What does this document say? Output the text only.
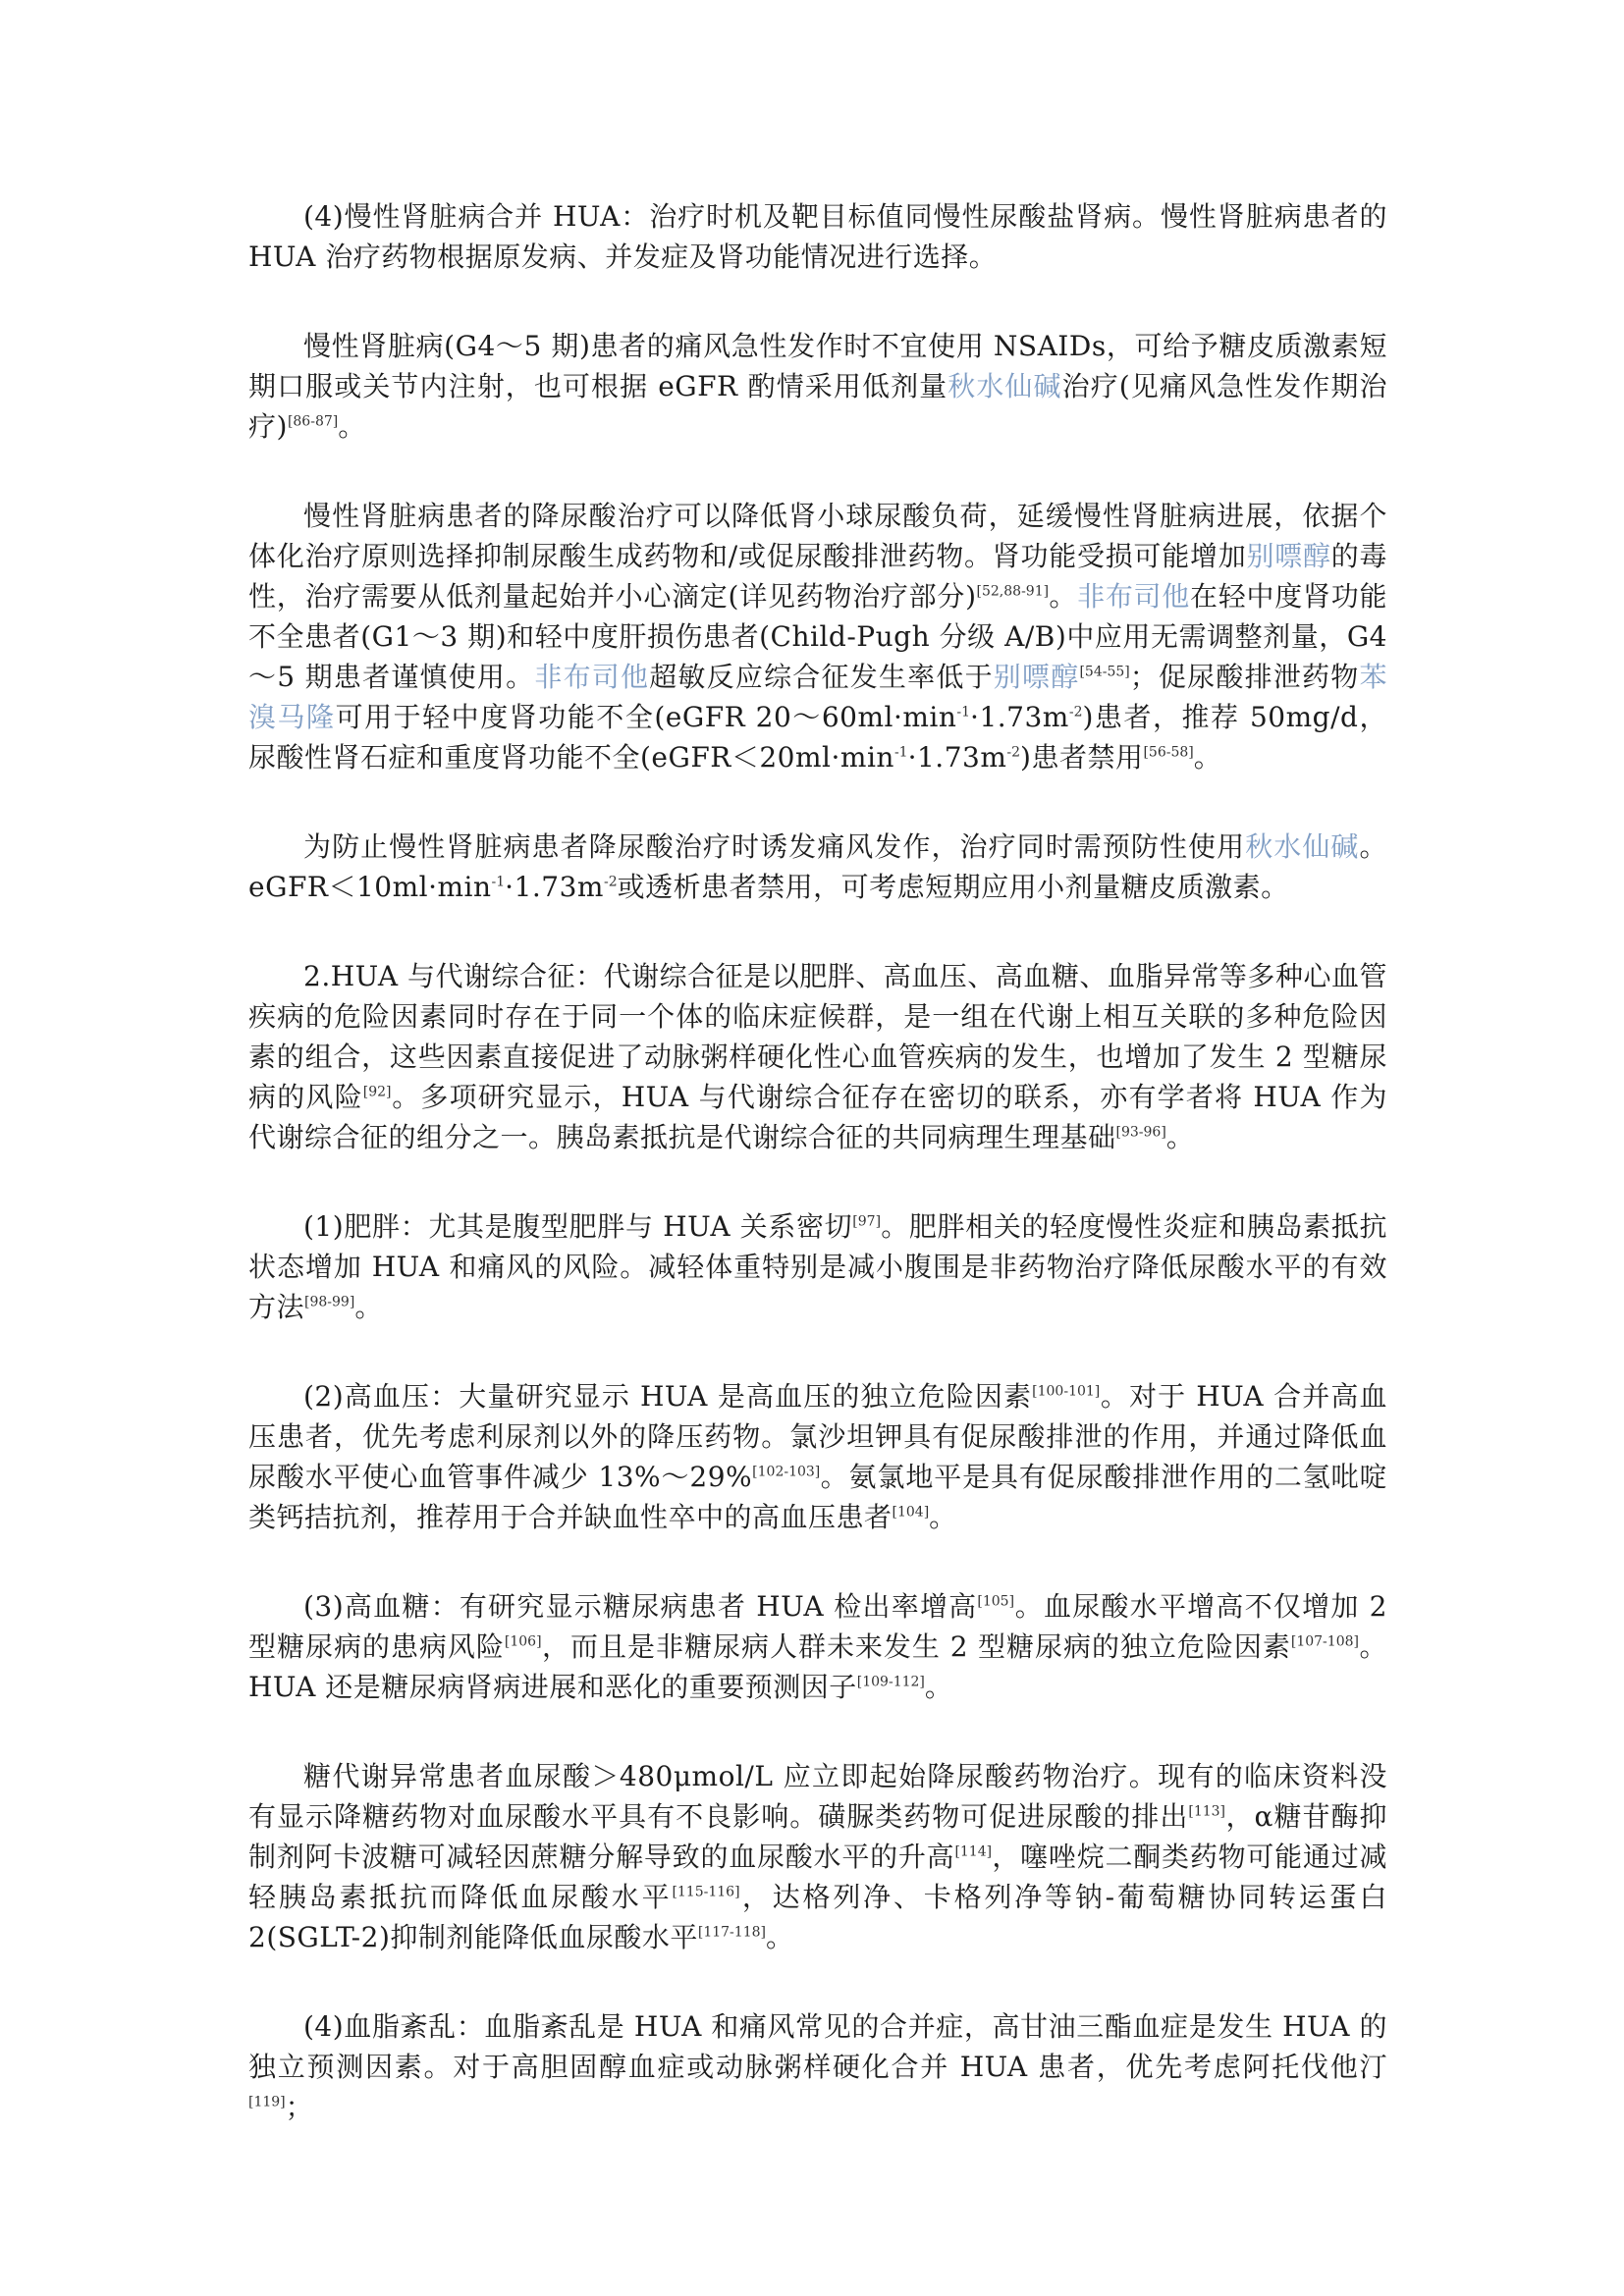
(4)慢性肾脏病合并 HUA：治疗时机及靶目标值同慢性尿酸盐肾病。慢性肾脏病患者的 HUA 治疗药物根据原发病、并发症及肾功能情况进行选择。

慢性肾脏病(G4～5 期)患者的痛风急性发作时不宜使用 NSAIDs，可给予糖皮质激素短期口服或关节内注射，也可根据 eGFR 酌情采用低剂量秋水仙碱治疗(见痛风急性发作期治疗)[86-87]。

慢性肾脏病患者的降尿酸治疗可以降低肾小球尿酸负荷，延缓慢性肾脏病进展，依据个体化治疗原则选择抑制尿酸生成药物和/或促尿酸排泄药物。肾功能受损可能增加别嘌醇的毒性，治疗需要从低剂量起始并小心滴定(详见药物治疗部分)[52,88-91]。非布司他在轻中度肾功能不全患者(G1～3 期)和轻中度肝损伤患者(Child-Pugh 分级 A/B)中应用无需调整剂量，G4～5 期患者谨慎使用。非布司他超敏反应综合征发生率低于别嘌醇[54-55]；促尿酸排泄药物苯溴马隆可用于轻中度肾功能不全(eGFR $20\sim 60ml\cdot\min^{-1}\cdot 1.73m^{-2}$)患者，推荐 50mg/d，尿酸性肾石症和重度肾功能不全$(eGFR<20ml\cdot\min^{-1}\cdot 1.73m^{-2})$患者禁用[56-58]。

为防止慢性肾脏病患者降尿酸治疗时诱发痛风发作，治疗同时需预防性使用秋水仙碱。$eGFR<10ml\cdot\min^{-1}\cdot 1.73m^{-2}$或透析患者禁用，可考虑短期应用小剂量糖皮质激素。

2.HUA 与代谢综合征：代谢综合征是以肥胖、高血压、高血糖、血脂异常等多种心血管疾病的危险因素同时存在于同一个体的临床症候群，是一组在代谢上相互关联的多种危险因素的组合，这些因素直接促进了动脉粥样硬化性心血管疾病的发生，也增加了发生 2 型糖尿病的风险[92]。多项研究显示，HUA 与代谢综合征存在密切的联系，亦有学者将 HUA 作为代谢综合征的组分之一。胰岛素抵抗是代谢综合征的共同病理生理基础[93-96]。

(1)肥胖：尤其是腹型肥胖与 HUA 关系密切[97]。肥胖相关的轻度慢性炎症和胰岛素抵抗状态增加 HUA 和痛风的风险。减轻体重特别是减小腹围是非药物治疗降低尿酸水平的有效方法[98-99]。

(2)高血压：大量研究显示 HUA 是高血压的独立危险因素[100-101]。对于 HUA 合并高血压患者，优先考虑利尿剂以外的降压药物。氯沙坦钾具有促尿酸排泄的作用，并通过降低血尿酸水平使心血管事件减少 13%～29%[102-103]。氨氯地平是具有促尿酸排泄作用的二氢吡啶类钙拮抗剂，推荐用于合并缺血性卒中的高血压患者[104]。

(3)高血糖：有研究显示糖尿病患者 HUA 检出率增高[105]。血尿酸水平增高不仅增加 2 型糖尿病的患病风险[106]，而且是非糖尿病人群未来发生 2 型糖尿病的独立危险因素[107-108]。HUA 还是糖尿病肾病进展和恶化的重要预测因子[109-112]。

糖代谢异常患者血尿酸＞480μmol/L 应立即起始降尿酸药物治疗。现有的临床资料没有显示降糖药物对血尿酸水平具有不良影响。磺脲类药物可促进尿酸的排出[113]，α糖苷酶抑制剂阿卡波糖可减轻因蔗糖分解导致的血尿酸水平的升高[114]，噻唑烷二酮类药物可能通过减轻胰岛素抵抗而降低血尿酸水平[115-116]，达格列净、卡格列净等钠-葡萄糖协同转运蛋白 2(SGLT-2)抑制剂能降低血尿酸水平[117-118]。

(4)血脂紊乱：血脂紊乱是 HUA 和痛风常见的合并症，高甘油三酯血症是发生 HUA 的独立预测因素。对于高胆固醇血症或动脉粥样硬化合并 HUA 患者，优先考虑阿托伐他汀[119]；
